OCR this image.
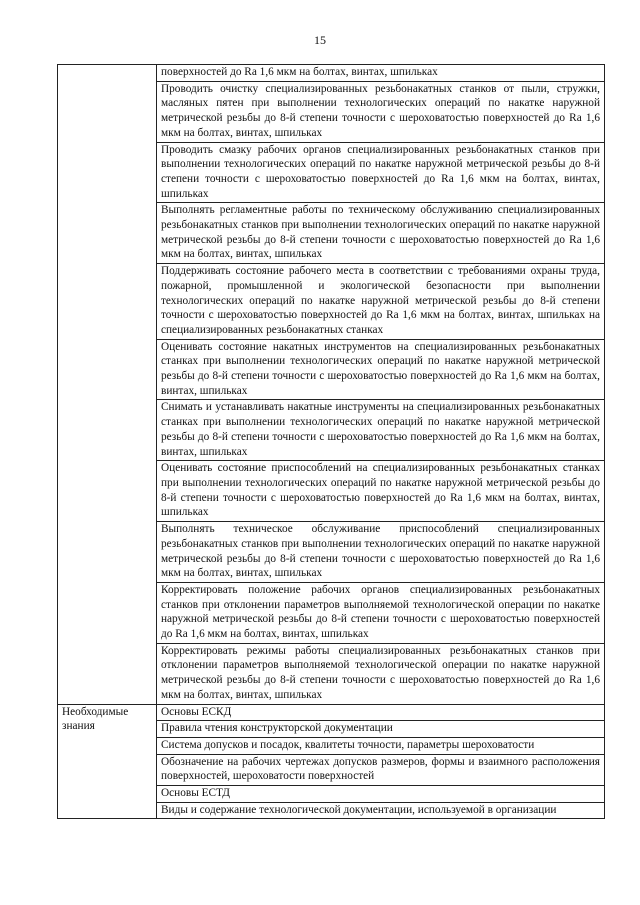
15

	поверхностей до Ra 1,6 мкм на болтах, винтах, шпильках

	Проводить очистку специализированных резьбонакатных станков от пыли, стружки, масляных пятен при выполнении технологических операций по накатке наружной метрической резьбы до 8-й степени точности с шероховатостью поверхностей до Ra 1,6 мкм на болтах, винтах, шпильках

	Проводить смазку рабочих органов специализированных резьбонакатных станков при выполнении технологических операций по накатке наружной метрической резьбы до 8-й степени точности с шероховатостью поверхностей до Ra 1,6 мкм на болтах, винтах, шпильках

	Выполнять регламентные работы по техническому обслуживанию специализированных резьбонакатных станков при выполнении технологических операций по накатке наружной метрической резьбы до 8-й степени точности с шероховатостью поверхностей до Ra 1,6 мкм на болтах, винтах, шпильках

	Поддерживать состояние рабочего места в соответствии с требованиями охраны труда, пожарной, промышленной и экологической безопасности при выполнении технологических операций по накатке наружной метрической резьбы до 8-й степени точности с шероховатостью поверхностей до Ra 1,6 мкм на болтах, винтах, шпильках на специализированных резьбонакатных станках

	Оценивать состояние накатных инструментов на специализированных резьбонакатных станках при выполнении технологических операций по накатке наружной метрической резьбы до 8-й степени точности с шероховатостью поверхностей до Ra 1,6 мкм на болтах, винтах, шпильках

	Снимать и устанавливать накатные инструменты на специализированных резьбонакатных станках при выполнении технологических операций по накатке наружной метрической резьбы до 8-й степени точности с шероховатостью поверхностей до Ra 1,6 мкм на болтах, винтах, шпильках

	Оценивать состояние приспособлений на специализированных резьбонакатных станках при выполнении технологических операций по накатке наружной метрической резьбы до 8-й степени точности с шероховатостью поверхностей до Ra 1,6 мкм на болтах, винтах, шпильках

	Выполнять техническое обслуживание приспособлений специализированных резьбонакатных станков при выполнении технологических операций по накатке наружной метрической резьбы до 8-й степени точности с шероховатостью поверхностей до Ra 1,6 мкм на болтах, винтах, шпильках

	Корректировать положение рабочих органов специализированных резьбонакатных станков при отклонении параметров выполняемой технологической операции по накатке наружной метрической резьбы до 8-й степени точности с шероховатостью поверхностей до Ra 1,6 мкм на болтах, винтах, шпильках

	Корректировать режимы работы специализированных резьбонакатных станков при отклонении параметров выполняемой технологической операции по накатке наружной метрической резьбы до 8-й степени точности с шероховатостью поверхностей до Ra 1,6 мкм на болтах, винтах, шпильках

Необходимые знания	Основы ЕСКД

	Правила чтения конструкторской документации

	Система допусков и посадок, квалитеты точности, параметры шероховатости

	Обозначение на рабочих чертежах допусков размеров, формы и взаимного расположения поверхностей, шероховатости поверхностей

	Основы ЕСТД

	Виды и содержание технологической документации, используемой в организации
